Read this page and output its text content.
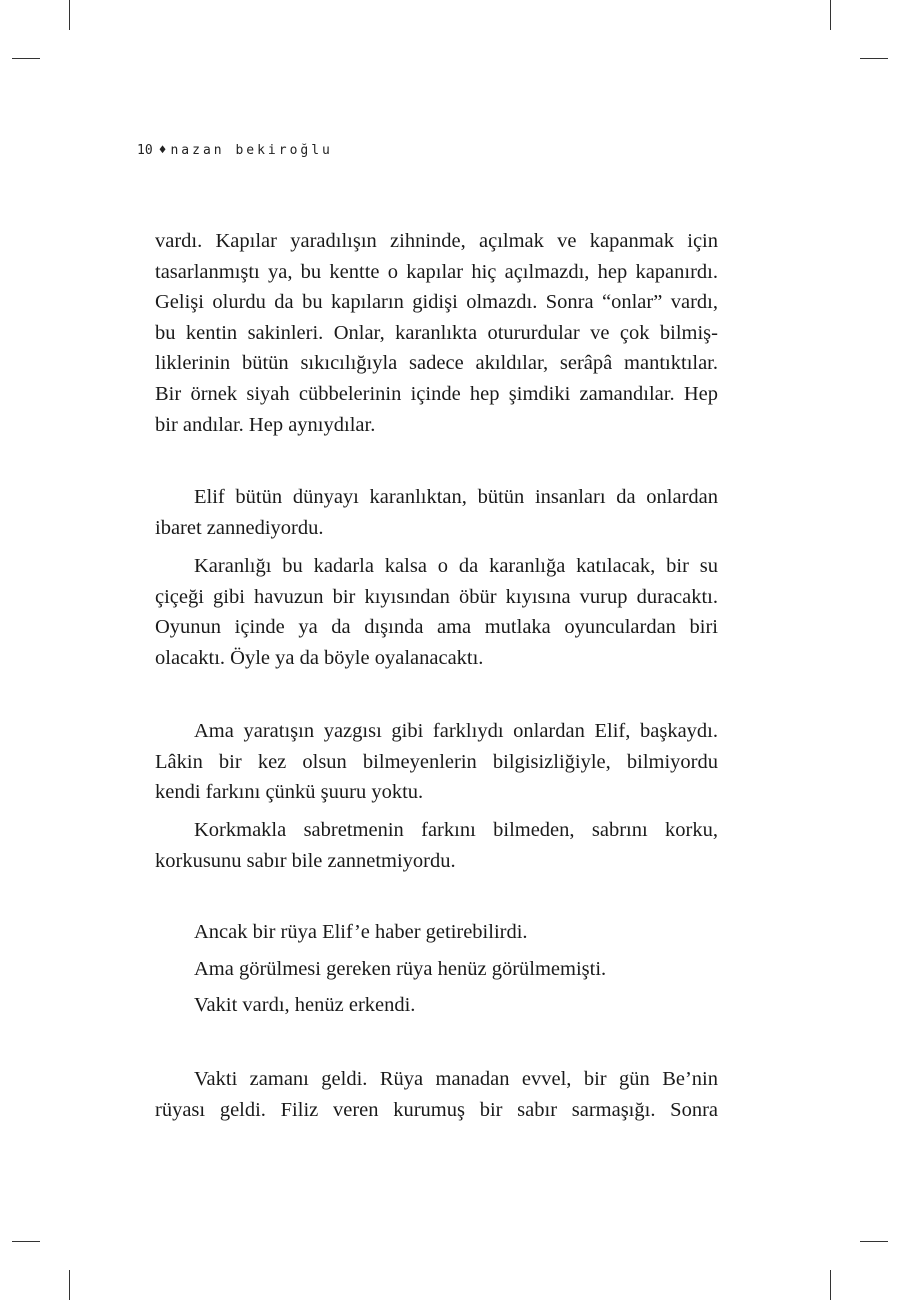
10 ♦ nazan bekiroğlu
vardı. Kapılar yaradılışın zihninde, açılmak ve kapanmak için
tasarlanmıştı ya, bu kentte o kapılar hiç açılmazdı, hep kapanırdı.
Gelişi olurdu da bu kapıların gidişi olmazdı. Sonra “onlar” vardı,
bu kentin sakinleri. Onlar, karanlıkta otururdular ve çok bilmiş-
liklerinin bütün sıkıcılığıyla sadece akıldılar, serâpâ mantıktılar.
Bir örnek siyah cübbelerinin içinde hep şimdiki zamandılar. Hep
bir andılar. Hep aynıydılar.
Elif bütün dünyayı karanlıktan, bütün insanları da onlardan
ibaret zannediyordu.
Karanlığı bu kadarla kalsa o da karanlığa katılacak, bir su
çiçeği gibi havuzun bir kıyısından öbür kıyısına vurup duracaktı.
Oyunun içinde ya da dışında ama mutlaka oyunculardan biri
olacaktı. Öyle ya da böyle oyalanacaktı.
Ama yaratışın yazgısı gibi farklıydı onlardan Elif, başkaydı.
Lâkin bir kez olsun bilmeyenlerin bilgisizliğiyle, bilmiyordu
kendi farkını çünkü şuuru yoktu.
Korkmakla sabretmenin farkını bilmeden, sabrını korku,
korkusunu sabır bile zannetmiyordu.
Ancak bir rüya Elif’e haber getirebilirdi.
Ama görülmesi gereken rüya henüz görülmemişti.
Vakit vardı, henüz erkendi.
Vakti zamanı geldi. Rüya manadan evvel, bir gün Be’nin
rüyası geldi. Filiz veren kurumuş bir sabır sarmaşığı. Sonra
